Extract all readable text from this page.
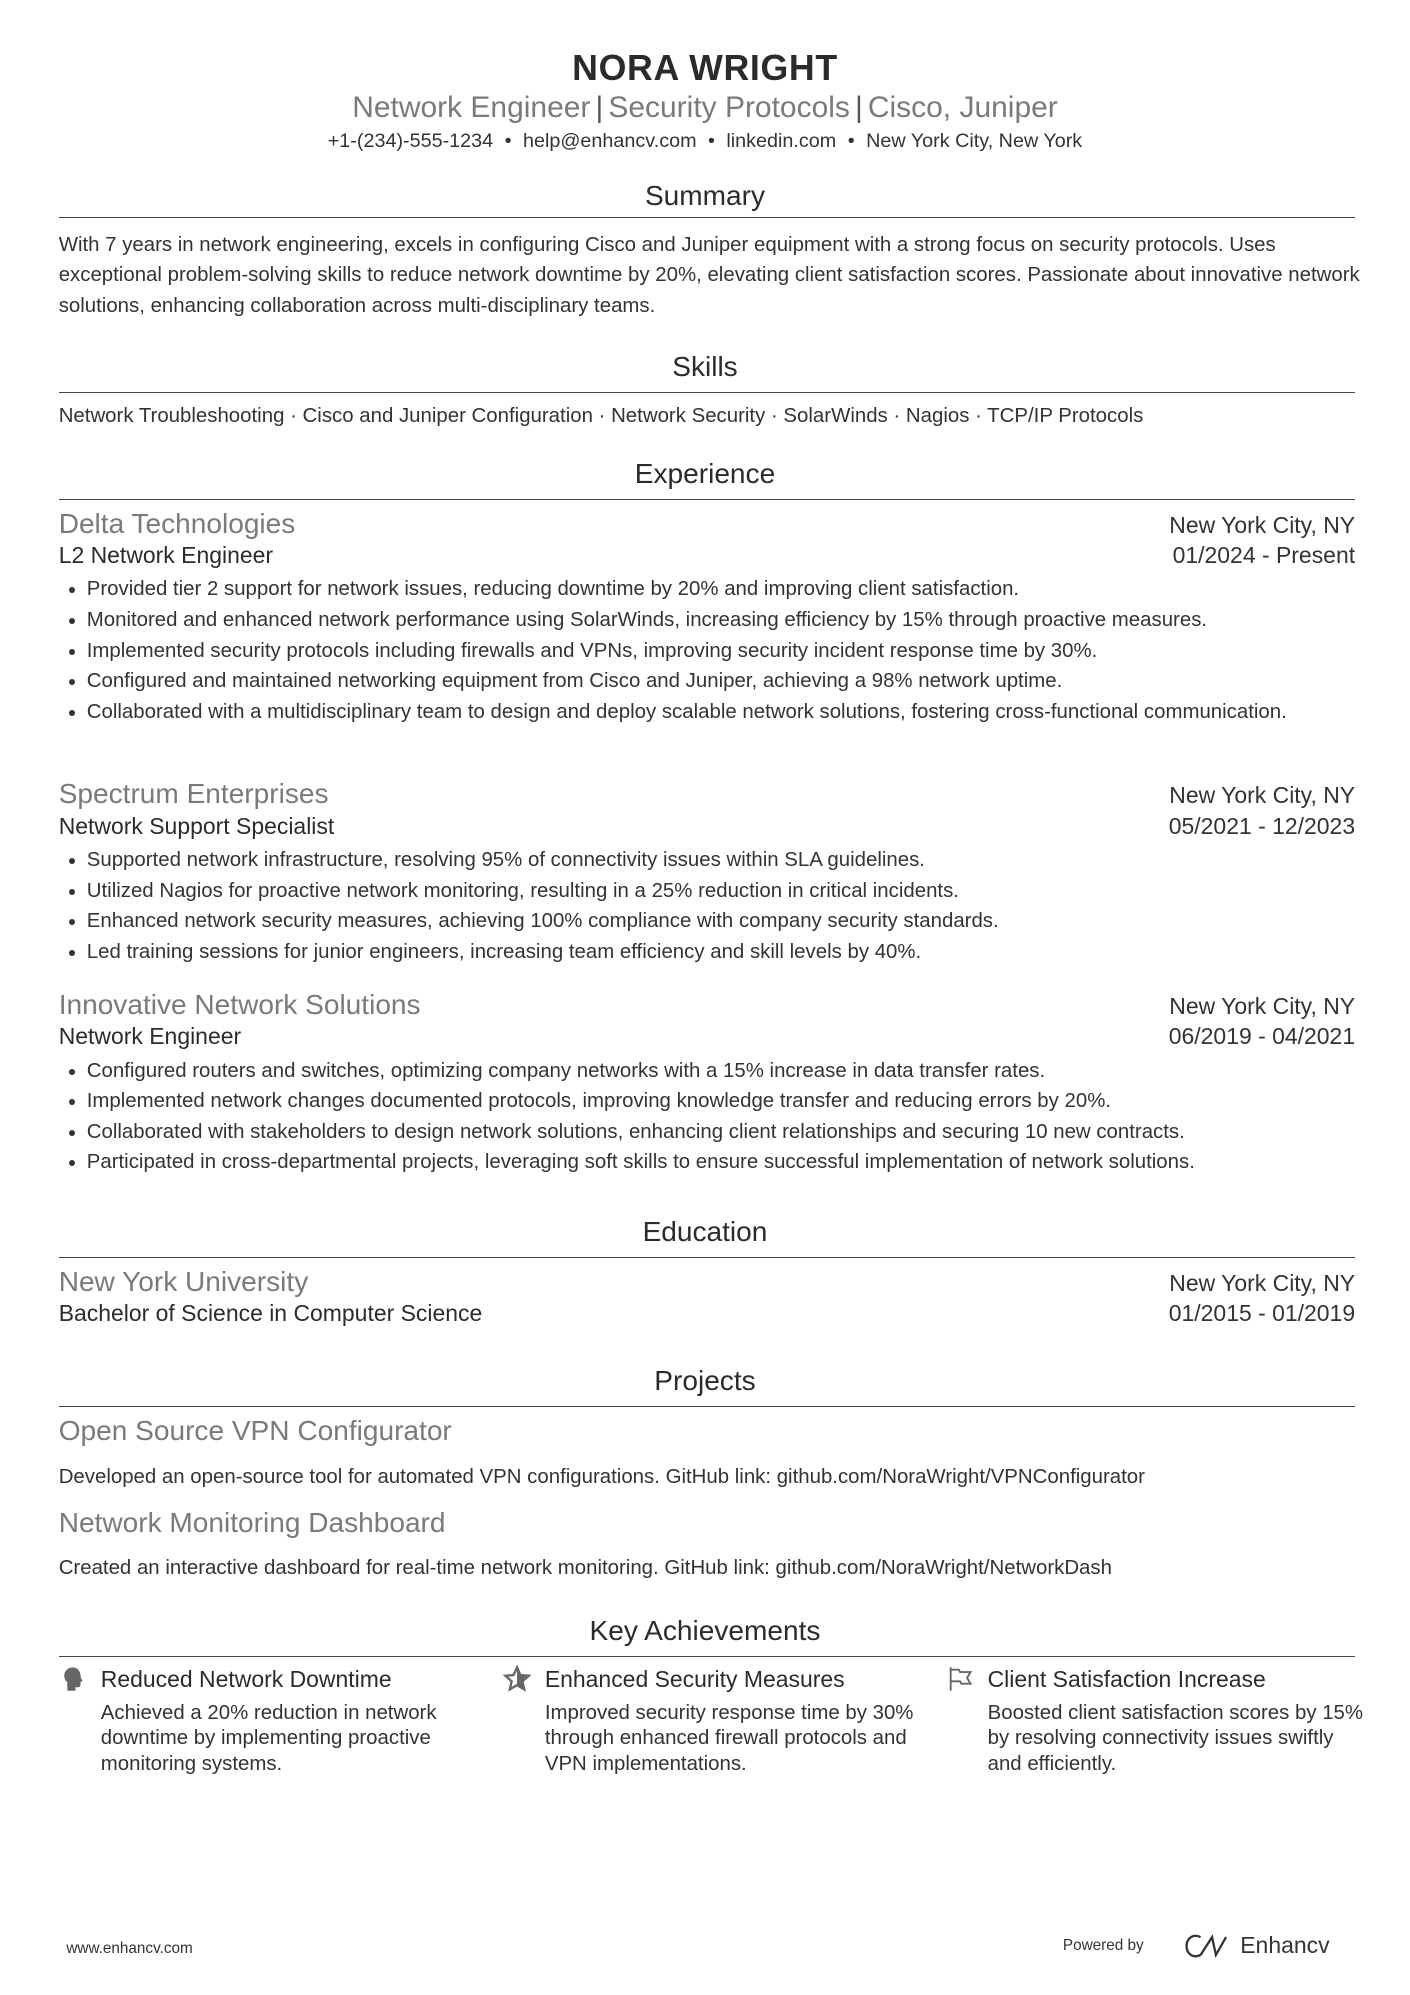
NORA WRIGHT
Network Engineer | Security Protocols | Cisco, Juniper
+1-(234)-555-1234 • help@enhancv.com • linkedin.com • New York City, New York
Summary
With 7 years in network engineering, excels in configuring Cisco and Juniper equipment with a strong focus on security protocols. Uses exceptional problem-solving skills to reduce network downtime by 20%, elevating client satisfaction scores. Passionate about innovative network solutions, enhancing collaboration across multi-disciplinary teams.
Skills
Network Troubleshooting · Cisco and Juniper Configuration · Network Security · SolarWinds · Nagios · TCP/IP Protocols
Experience
Delta Technologies	New York City, NY
L2 Network Engineer	01/2024 - Present
• Provided tier 2 support for network issues, reducing downtime by 20% and improving client satisfaction.
• Monitored and enhanced network performance using SolarWinds, increasing efficiency by 15% through proactive measures.
• Implemented security protocols including firewalls and VPNs, improving security incident response time by 30%.
• Configured and maintained networking equipment from Cisco and Juniper, achieving a 98% network uptime.
• Collaborated with a multidisciplinary team to design and deploy scalable network solutions, fostering cross-functional communication.
Spectrum Enterprises	New York City, NY
Network Support Specialist	05/2021 - 12/2023
• Supported network infrastructure, resolving 95% of connectivity issues within SLA guidelines.
• Utilized Nagios for proactive network monitoring, resulting in a 25% reduction in critical incidents.
• Enhanced network security measures, achieving 100% compliance with company security standards.
• Led training sessions for junior engineers, increasing team efficiency and skill levels by 40%.
Innovative Network Solutions	New York City, NY
Network Engineer	06/2019 - 04/2021
• Configured routers and switches, optimizing company networks with a 15% increase in data transfer rates.
• Implemented network changes documented protocols, improving knowledge transfer and reducing errors by 20%.
• Collaborated with stakeholders to design network solutions, enhancing client relationships and securing 10 new contracts.
• Participated in cross-departmental projects, leveraging soft skills to ensure successful implementation of network solutions.
Education
New York University	New York City, NY
Bachelor of Science in Computer Science	01/2015 - 01/2019
Projects
Open Source VPN Configurator
Developed an open-source tool for automated VPN configurations. GitHub link: github.com/NoraWright/VPNConfigurator
Network Monitoring Dashboard
Created an interactive dashboard for real-time network monitoring. GitHub link: github.com/NoraWright/NetworkDash
Key Achievements
Reduced Network Downtime
Achieved a 20% reduction in network downtime by implementing proactive monitoring systems.
Enhanced Security Measures
Improved security response time by 30% through enhanced firewall protocols and VPN implementations.
Client Satisfaction Increase
Boosted client satisfaction scores by 15% by resolving connectivity issues swiftly and efficiently.
www.enhancv.com	Powered by	Enhancv
